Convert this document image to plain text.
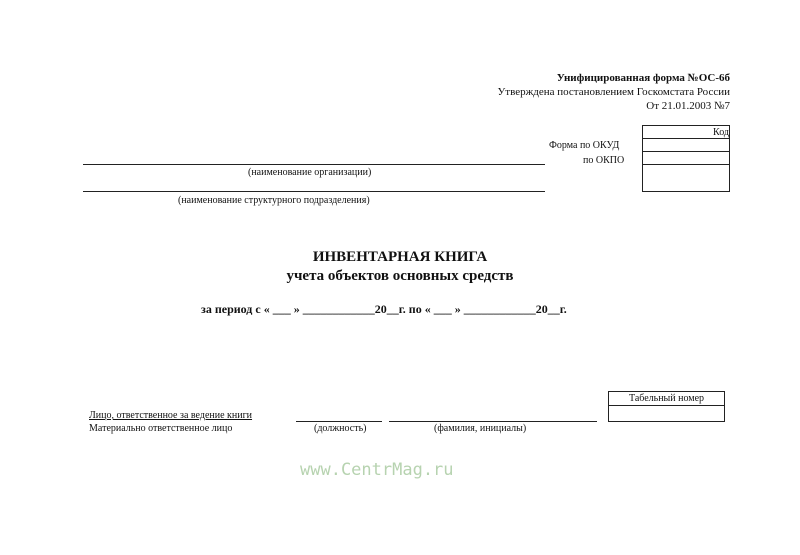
Унифицированная форма №ОС-6б
Утверждена постановлением Госкомстата России
От 21.01.2003 №7
Код

Форма по ОКУД
по ОКПО
(наименование организации)
(наименование структурного подразделения)
ИНВЕНТАРНАЯ КНИГА
учета объектов основных средств
за период с « ___ » ____________20__г. по « ___ » ____________20__г.
Табельный номер

Лицо, ответственное за ведение книги
Материально ответственное лицо	(должность)	(фамилия, инициалы)
www.CentrMag.ru
